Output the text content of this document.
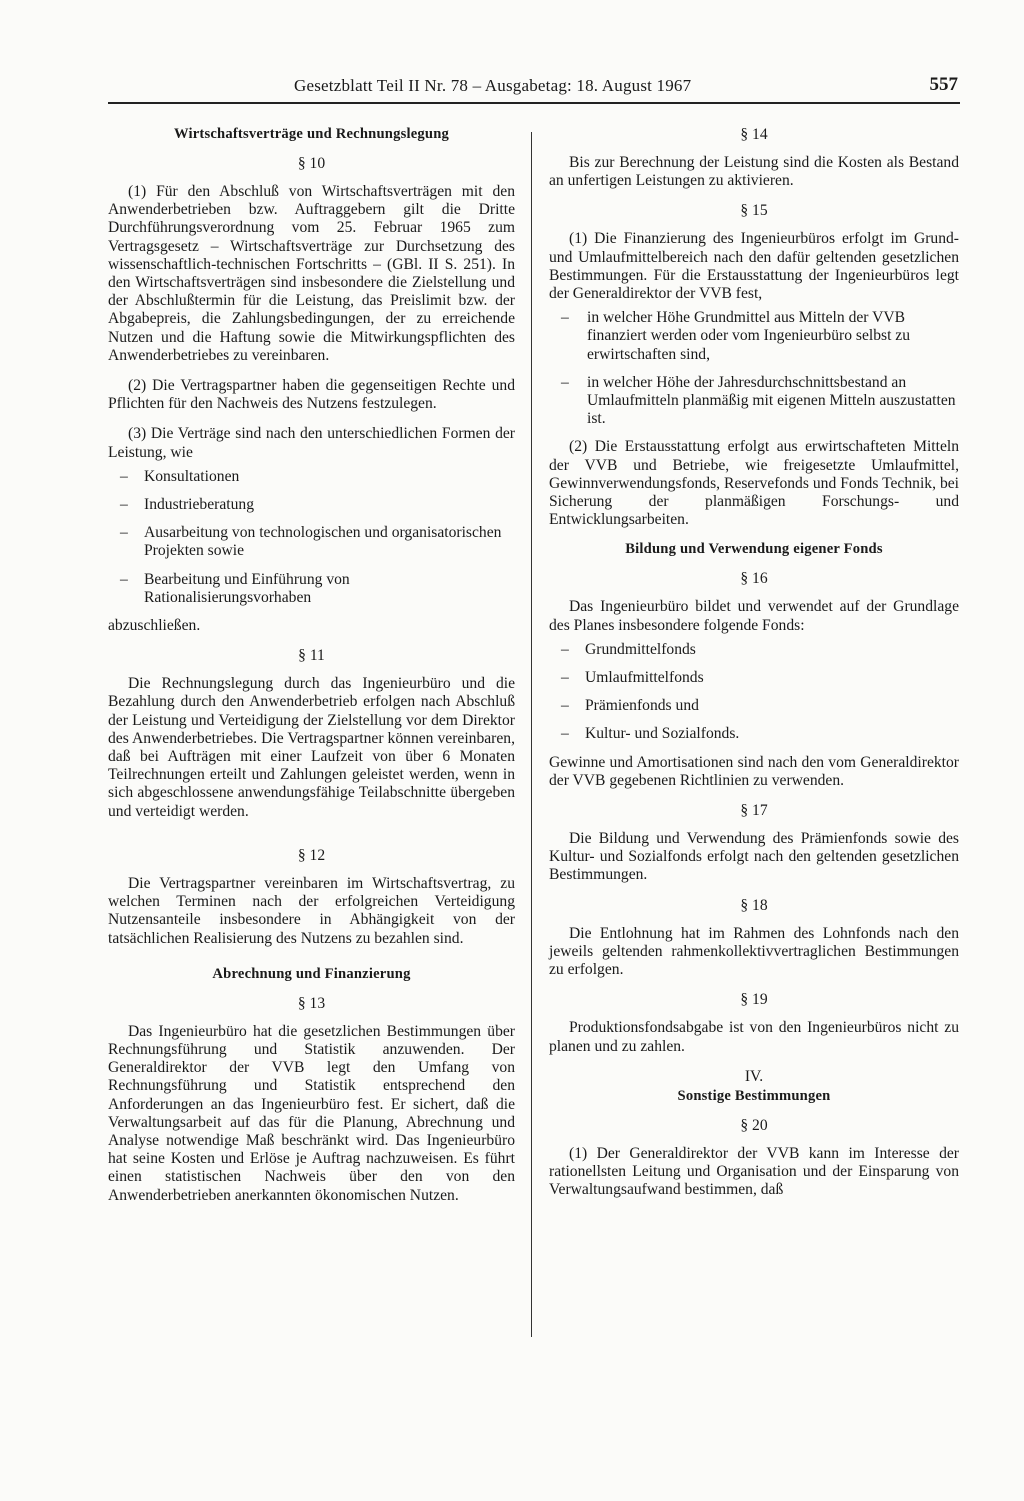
Gesetzblatt Teil II Nr. 78 – Ausgabetag: 18. August 1967	557
Wirtschaftsverträge und Rechnungslegung
§ 10

(1) Für den Abschluß von Wirtschaftsverträgen mit den Anwenderbetrieben bzw. Auftraggebern gilt die Dritte Durchführungsverordnung vom 25. Februar 1965 zum Vertragsgesetz – Wirtschaftsverträge zur Durchsetzung des wissenschaftlich-technischen Fortschritts – (GBl. II S. 251). In den Wirtschaftsverträgen sind insbesondere die Zielstellung und der Abschlußtermin für die Leistung, das Preislimit bzw. der Abgabepreis, die Zahlungsbedingungen, der zu erreichende Nutzen und die Haftung sowie die Mitwirkungspflichten des Anwenderbetriebes zu vereinbaren.

(2) Die Vertragspartner haben die gegenseitigen Rechte und Pflichten für den Nachweis des Nutzens festzulegen.

(3) Die Verträge sind nach den unterschiedlichen Formen der Leistung, wie

– Konsultationen
– Industrieberatung
– Ausarbeitung von technologischen und organisatorischen Projekten sowie
– Bearbeitung und Einführung von Rationalisierungsvorhaben

abzuschließen.

§ 11

Die Rechnungslegung durch das Ingenieurbüro und die Bezahlung durch den Anwenderbetrieb erfolgen nach Abschluß der Leistung und Verteidigung der Zielstellung vor dem Direktor des Anwenderbetriebes. Die Vertragspartner können vereinbaren, daß bei Aufträgen mit einer Laufzeit von über 6 Monaten Teilrechnungen erteilt und Zahlungen geleistet werden, wenn in sich abgeschlossene anwendungsfähige Teilabschnitte übergeben und verteidigt werden.

§ 12

Die Vertragspartner vereinbaren im Wirtschaftsvertrag, zu welchen Terminen nach der erfolgreichen Verteidigung Nutzensanteile insbesondere in Abhängigkeit von der tatsächlichen Realisierung des Nutzens zu bezahlen sind.

Abrechnung und Finanzierung
§ 13

Das Ingenieurbüro hat die gesetzlichen Bestimmungen über Rechnungsführung und Statistik anzuwenden. Der Generaldirektor der VVB legt den Umfang von Rechnungsführung und Statistik entsprechend den Anforderungen an das Ingenieurbüro fest. Er sichert, daß die Verwaltungsarbeit auf das für die Planung, Abrechnung und Analyse notwendige Maß beschränkt wird. Das Ingenieurbüro hat seine Kosten und Erlöse je Auftrag nachzuweisen. Es führt einen statistischen Nachweis über den von den Anwenderbetrieben anerkannten ökonomischen Nutzen.

§ 14

Bis zur Berechnung der Leistung sind die Kosten als Bestand an unfertigen Leistungen zu aktivieren.

§ 15

(1) Die Finanzierung des Ingenieurbüros erfolgt im Grund- und Umlaufmittelbereich nach den dafür geltenden gesetzlichen Bestimmungen. Für die Erstausstattung der Ingenieurbüros legt der Generaldirektor der VVB fest,

– in welcher Höhe Grundmittel aus Mitteln der VVB finanziert werden oder vom Ingenieurbüro selbst zu erwirtschaften sind,
– in welcher Höhe der Jahresdurchschnittsbestand an Umlaufmitteln planmäßig mit eigenen Mitteln auszustatten ist.

(2) Die Erstausstattung erfolgt aus erwirtschafteten Mitteln der VVB und Betriebe, wie freigesetzte Umlaufmittel, Gewinnverwendungsfonds, Reservefonds und Fonds Technik, bei Sicherung der planmäßigen Forschungs- und Entwicklungsarbeiten.

Bildung und Verwendung eigener Fonds
§ 16

Das Ingenieurbüro bildet und verwendet auf der Grundlage des Planes insbesondere folgende Fonds:

– Grundmittelfonds
– Umlaufmittelfonds
– Prämienfonds und
– Kultur- und Sozialfonds.

Gewinne und Amortisationen sind nach den vom Generaldirektor der VVB gegebenen Richtlinien zu verwenden.

§ 17

Die Bildung und Verwendung des Prämienfonds sowie des Kultur- und Sozialfonds erfolgt nach den geltenden gesetzlichen Bestimmungen.

§ 18

Die Entlohnung hat im Rahmen des Lohnfonds nach den jeweils geltenden rahmenkollektivvertraglichen Bestimmungen zu erfolgen.

§ 19

Produktionsfondsabgabe ist von den Ingenieurbüros nicht zu planen und zu zahlen.

IV.
Sonstige Bestimmungen
§ 20

(1) Der Generaldirektor der VVB kann im Interesse der rationellsten Leitung und Organisation und der Einsparung von Verwaltungsaufwand bestimmen, daß
